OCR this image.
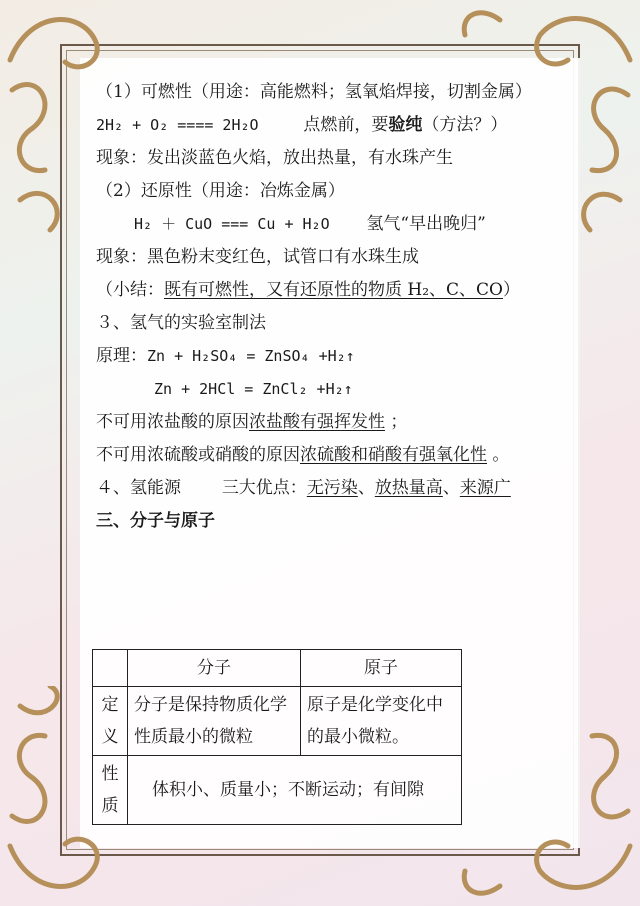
（1）可燃性（用途：高能燃料；氢氧焰焊接，切割金属）
2H₂ + O₂ ==== 2H₂O	点燃前，要验纯（方法？）
现象：发出淡蓝色火焰，放出热量，有水珠产生
（2）还原性（用途：冶炼金属）
H₂ ＋ CuO === Cu + H₂O 氢气“早出晚归”
现象：黑色粉末变红色，试管口有水珠生成
（小结：既有可燃性，又有还原性的物质 H₂、C、CO）
３、氢气的实验室制法
原理：Zn + H₂SO₄ = ZnSO₄ +H₂↑
Zn + 2HCl = ZnCl₂ +H₂↑
不可用浓盐酸的原因浓盐酸有强挥发性 ；
不可用浓硫酸或硝酸的原因浓硫酸和硝酸有强氧化性 。
４、氢能源 三大优点：无污染、放热量高、来源广
三、分子与原子
	分子	原子
定义	分子是保持物质化学性质最小的微粒	原子是化学变化中的最小微粒。
性质	体积小、质量小；不断运动；有间隙	
